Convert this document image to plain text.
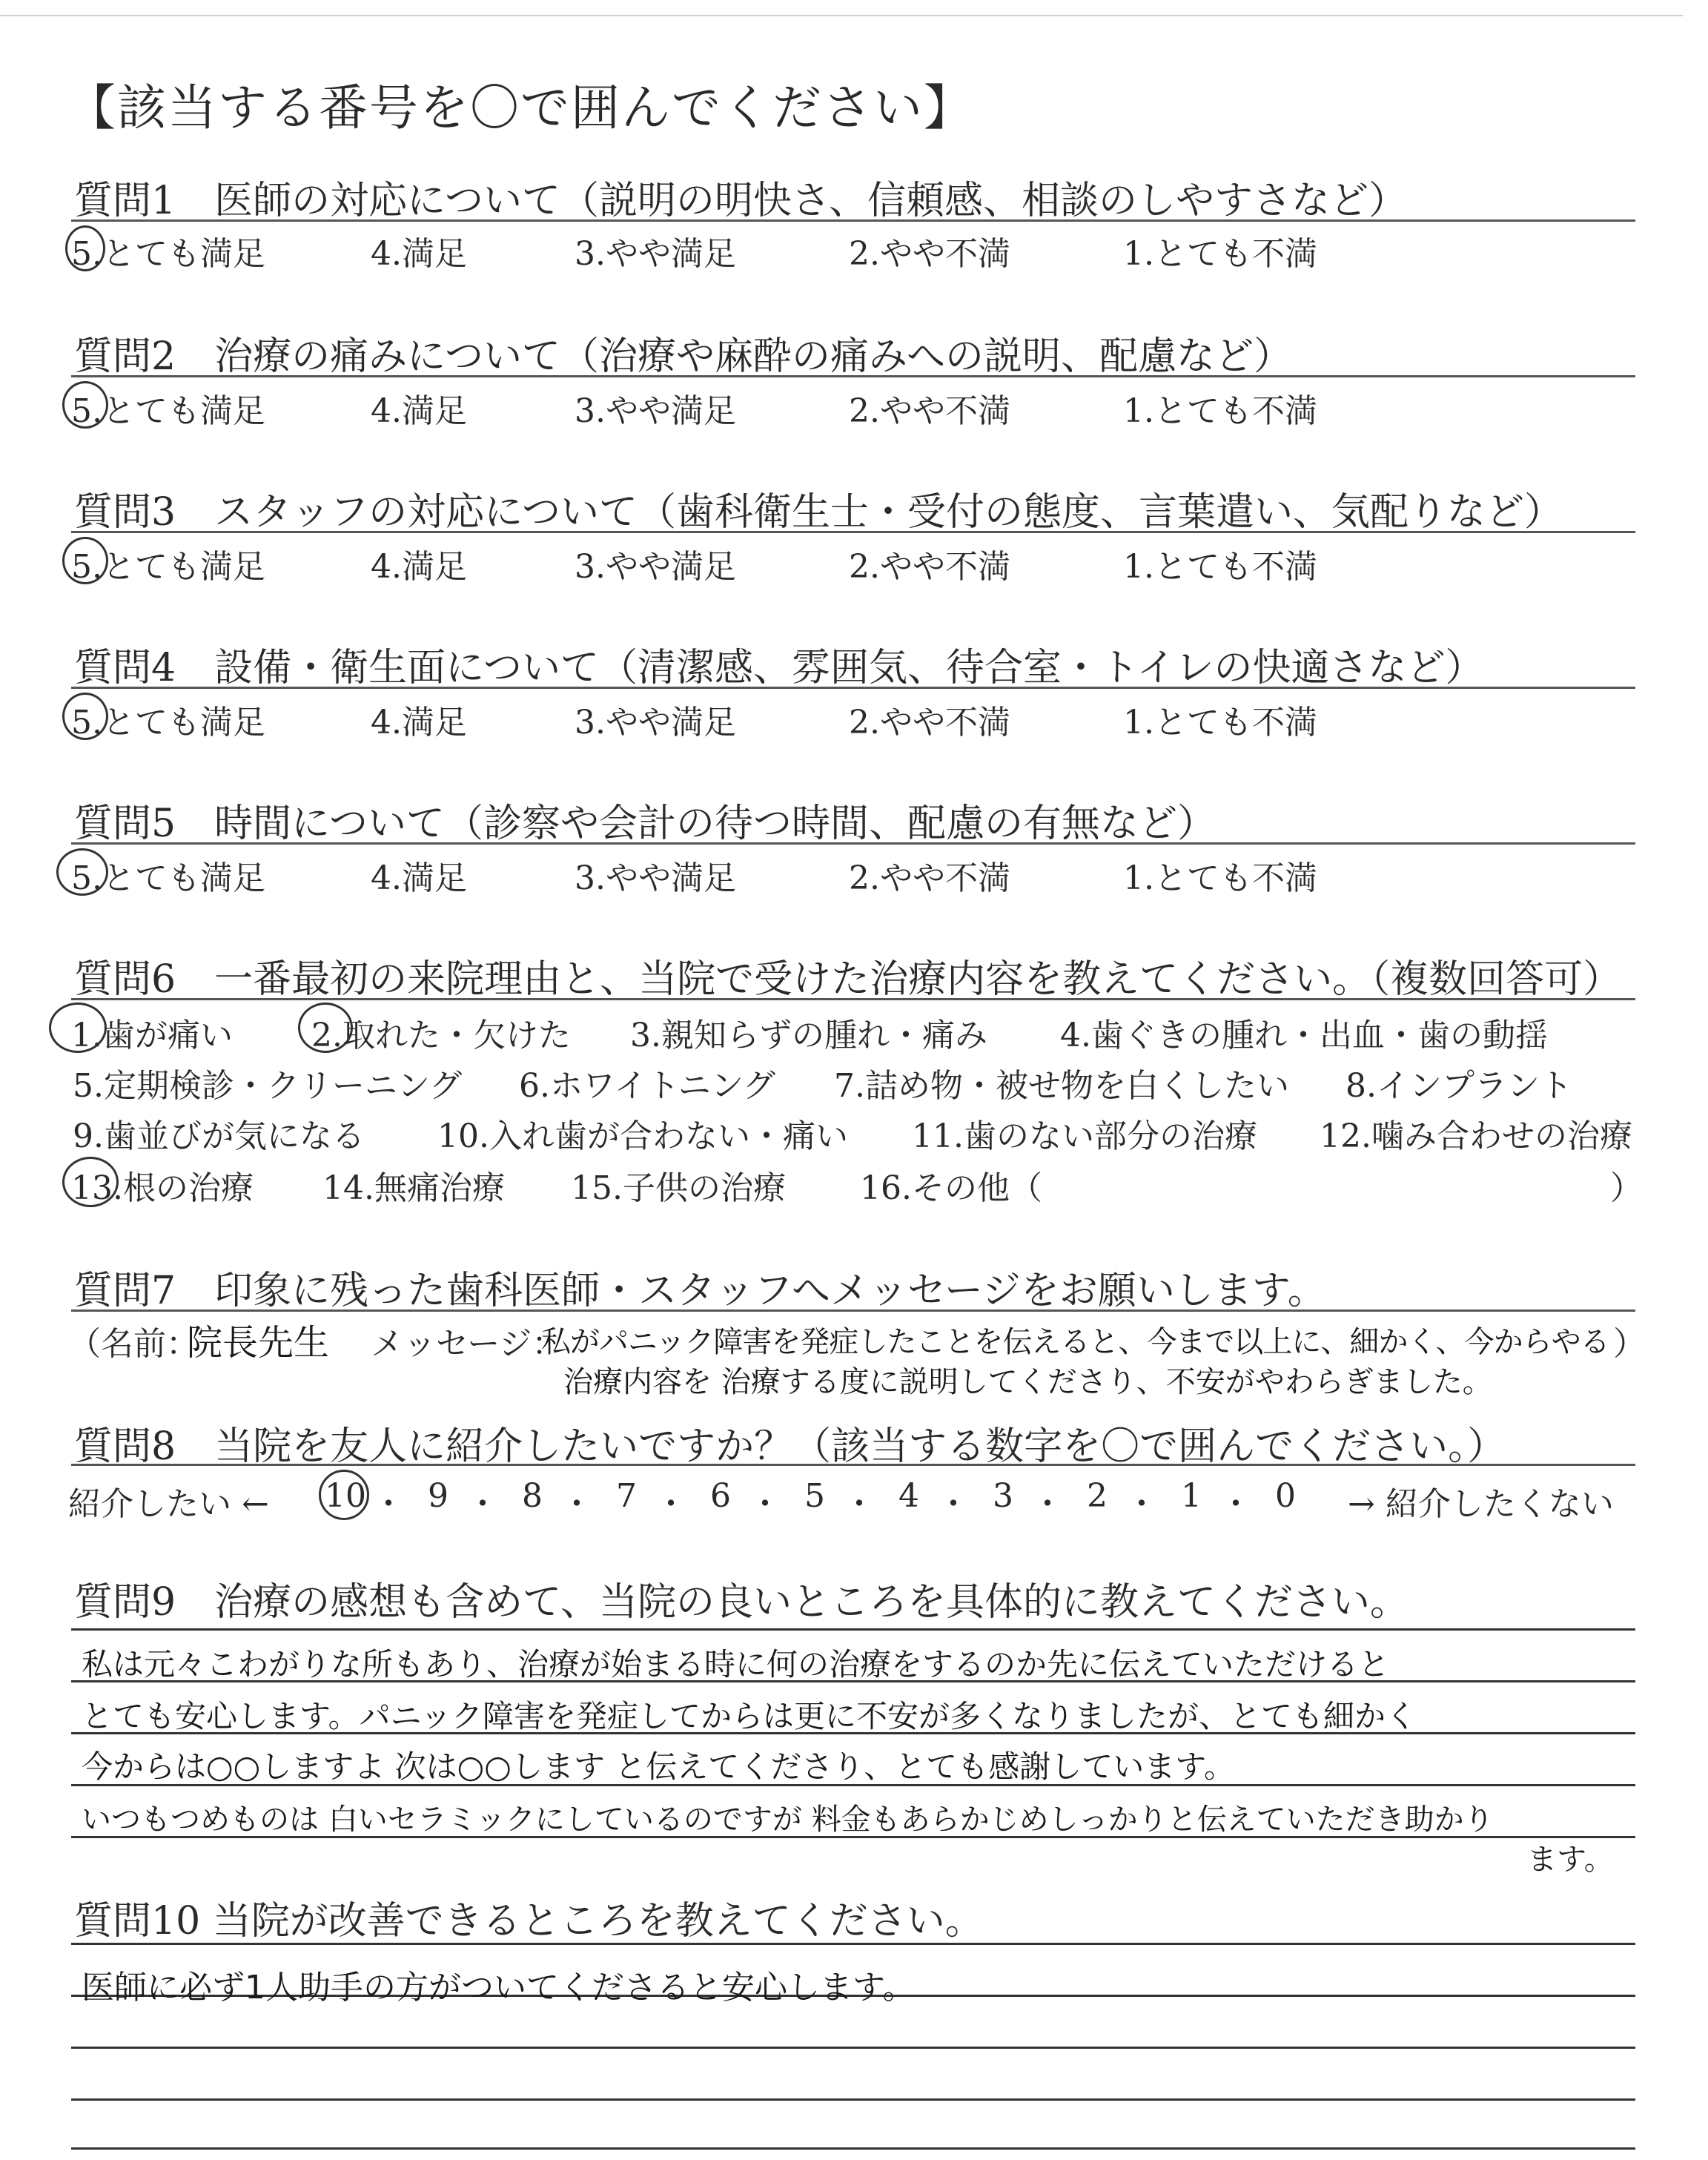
【該当する番号を〇で囲んでください】
質問1　医師の対応について（説明の明快さ、信頼感、相談のしやすさなど）
5.とても満足	4.満足	3.やや満足	2.やや不満	1.とても不満
質問2　治療の痛みについて（治療や麻酔の痛みへの説明、配慮など）
5.とても満足	4.満足	3.やや満足	2.やや不満	1.とても不満
質問3　スタッフの対応について（歯科衛生士・受付の態度、言葉遣い、気配りなど）
5.とても満足	4.満足	3.やや満足	2.やや不満	1.とても不満
質問4　設備・衛生面について（清潔感、雰囲気、待合室・トイレの快適さなど）
5.とても満足	4.満足	3.やや満足	2.やや不満	1.とても不満
質問5　時間について（診察や会計の待つ時間、配慮の有無など）
5.とても満足	4.満足	3.やや満足	2.やや不満	1.とても不満
質問6　一番最初の来院理由と、当院で受けた治療内容を教えてください。（複数回答可）
1.歯が痛い 2.取れた・欠けた 3.親知らずの腫れ・痛み 4.歯ぐきの腫れ・出血・歯の動揺
5.定期検診・クリーニング 6.ホワイトニング 7.詰め物・被せ物を白くしたい 8.インプラント
9.歯並びが気になる 10.入れ歯が合わない・痛い 11.歯のない部分の治療 12.噛み合わせの治療
13.根の治療 14.無痛治療 15.子供の治療 16.その他（	）
質問7　印象に残った歯科医師・スタッフへメッセージをお願いします。
（名前：
院長先生 メッセージ：
私がパニック障害を発症したことを伝えると、今まで以上に、細かく、今からやる
治療内容を 治療する度に説明してくださり、不安がやわらぎました。
）
質問8　当院を友人に紹介したいですか？（該当する数字を〇で囲んでください。）
紹介したい ← 10 ・ 9 ・ 8 ・ 7 ・ 6 ・ 5 ・ 4 ・ 3 ・ 2 ・ 1 ・ 0 → 紹介したくない
質問9　治療の感想も含めて、当院の良いところを具体的に教えてください。
私は元々こわがりな所もあり、治療が始まる時に何の治療をするのか先に伝えていただけると
とても安心します。パニック障害を発症してからは更に不安が多くなりましたが、とても細かく
今からは○○しますよ 次は○○します と伝えてくださり、とても感謝しています。
いつもつめものは 白いセラミックにしているのですが 料金もあらかじめしっかりと伝えていただき助かり
ます。
質問10 当院が改善できるところを教えてください。
医師に必ず1人助手の方がついてくださると安心します。
